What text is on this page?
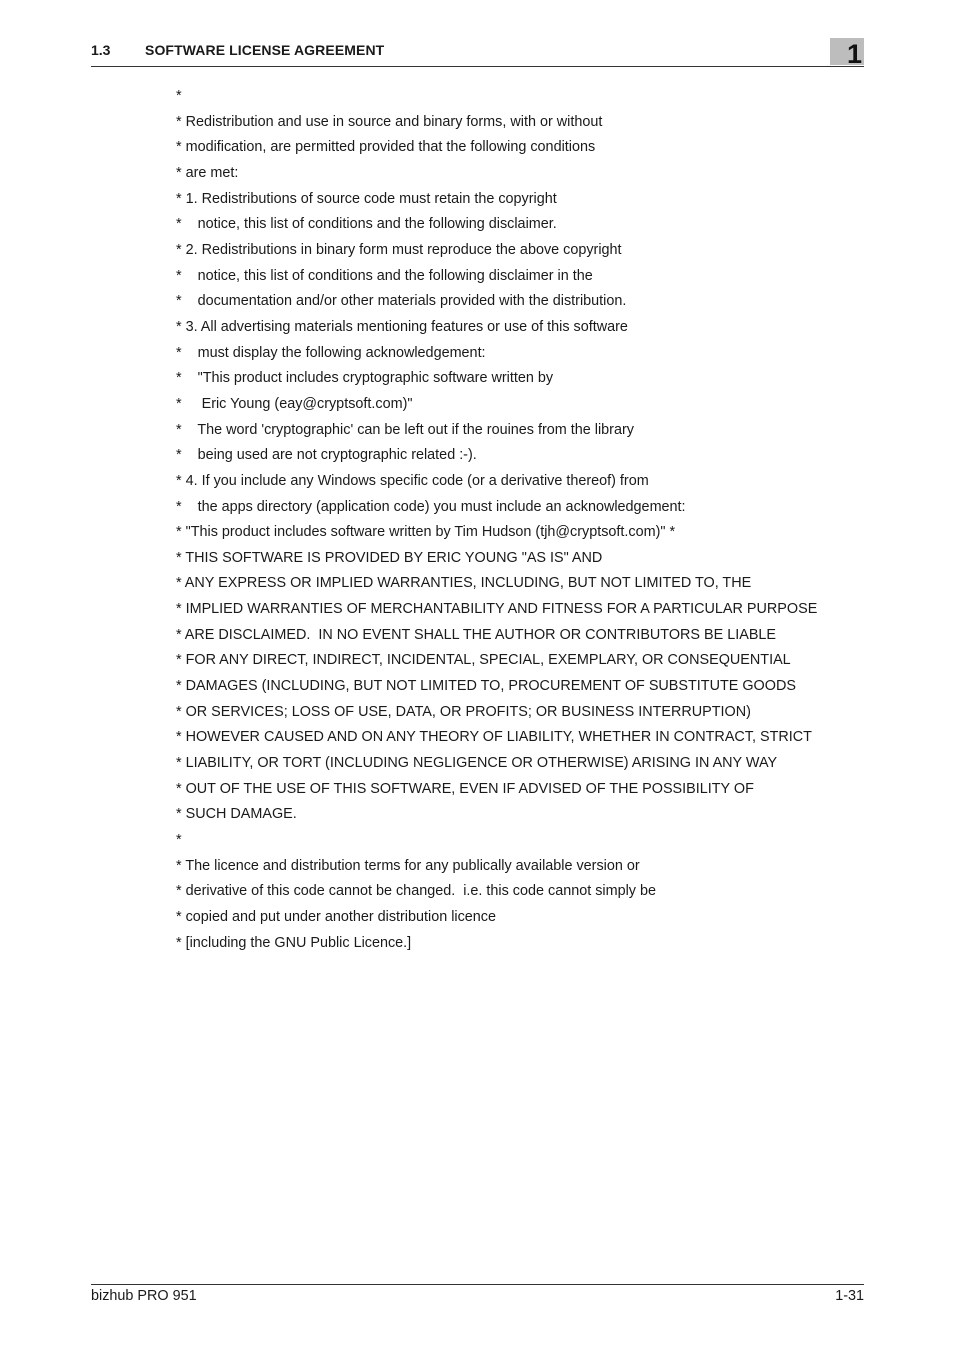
1.3 SOFTWARE LICENSE AGREEMENT	1
*
* Redistribution and use in source and binary forms, with or without
* modification, are permitted provided that the following conditions
* are met:
* 1. Redistributions of source code must retain the copyright
*    notice, this list of conditions and the following disclaimer.
* 2. Redistributions in binary form must reproduce the above copyright
*    notice, this list of conditions and the following disclaimer in the
*    documentation and/or other materials provided with the distribution.
* 3. All advertising materials mentioning features or use of this software
*    must display the following acknowledgement:
*    "This product includes cryptographic software written by
*     Eric Young (eay@cryptsoft.com)"
*    The word 'cryptographic' can be left out if the rouines from the library
*    being used are not cryptographic related :-).
* 4. If you include any Windows specific code (or a derivative thereof) from
*    the apps directory (application code) you must include an acknowledgement:
* "This product includes software written by Tim Hudson (tjh@cryptsoft.com)" *
* THIS SOFTWARE IS PROVIDED BY ERIC YOUNG "AS IS" AND
* ANY EXPRESS OR IMPLIED WARRANTIES, INCLUDING, BUT NOT LIMITED TO, THE
* IMPLIED WARRANTIES OF MERCHANTABILITY AND FITNESS FOR A PARTICULAR PURPOSE
* ARE DISCLAIMED.  IN NO EVENT SHALL THE AUTHOR OR CONTRIBUTORS BE LIABLE
* FOR ANY DIRECT, INDIRECT, INCIDENTAL, SPECIAL, EXEMPLARY, OR CONSEQUENTIAL
* DAMAGES (INCLUDING, BUT NOT LIMITED TO, PROCUREMENT OF SUBSTITUTE GOODS
* OR SERVICES; LOSS OF USE, DATA, OR PROFITS; OR BUSINESS INTERRUPTION)
* HOWEVER CAUSED AND ON ANY THEORY OF LIABILITY, WHETHER IN CONTRACT, STRICT
* LIABILITY, OR TORT (INCLUDING NEGLIGENCE OR OTHERWISE) ARISING IN ANY WAY
* OUT OF THE USE OF THIS SOFTWARE, EVEN IF ADVISED OF THE POSSIBILITY OF
* SUCH DAMAGE.
*
* The licence and distribution terms for any publically available version or
* derivative of this code cannot be changed.  i.e. this code cannot simply be
* copied and put under another distribution licence
* [including the GNU Public Licence.]
bizhub PRO 951	1-31
